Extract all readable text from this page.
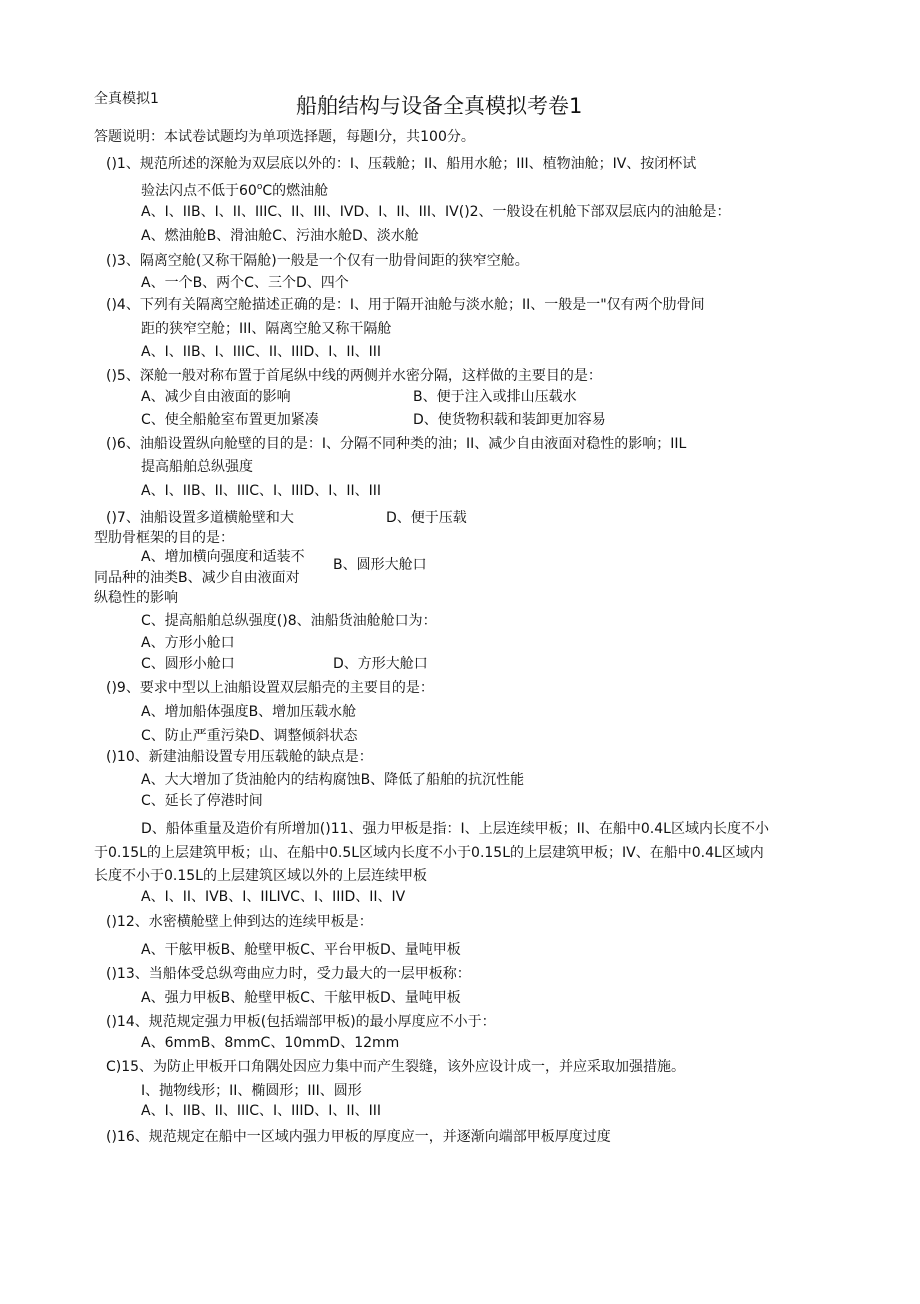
全真模拟1	船舶结构与设备全真模拟考卷1
答题说明：本试卷试题均为单项选择题，每题I分，共100分。
()1、规范所述的深舱为双层底以外的：I、压载舱；II、船用水舱；III、植物油舱；IV、按闭杯试
验法闪点不低于60$^o$C的燃油舱
A、I、IIB、I、II、IIIC、II、III、IVD、I、II、III、IV()2、一般设在机舱下部双层底内的油舱是：
A、燃油舱B、滑油舱C、污油水舱D、淡水舱
()3、隔离空舱(又称干隔舱)一般是一个仅有一肋骨间距的狭窄空舱。
A、一个B、两个C、三个D、四个
()4、下列有关隔离空舱描述正确的是：I、用于隔开油舱与淡水舱；II、一般是一"仅有两个肋骨间
距的狭窄空舱；III、隔离空舱又称干隔舱
A、I、IIB、I、IIIC、II、IIID、I、II、III
()5、深舱一般对称布置于首尾纵中线的两侧并水密分隔，这样做的主要目的是：
A、减少自由液面的影响	B、便于注入或排山压载水
C、使全船舱室布置更加紧凑	D、使货物积载和装卸更加容易
()6、油船设置纵向舱壁的目的是：I、分隔不同种类的油；II、减少自由液面对稳性的影响；IIL
提高船舶总纵强度
A、I、IIB、II、IIIC、I、IIID、I、II、III
()7、油船设置多道横舱壁和大	D、便于压载
型肋骨框架的目的是：
A、增加横向强度和适装不 B、圆形大舱口
同品种的油类B、减少自由液面对
纵稳性的影响
C、提高船舶总纵强度()8、油船货油舱舱口为：
A、方形小舱口
C、圆形小舱口	D、方形大舱口
()9、要求中型以上油船设置双层船壳的主要目的是：
A、增加船体强度B、增加压载水舱
C、防止严重污染D、调整倾斜状态
()10、新建油船设置专用压载舱的缺点是：
A、大大增加了货油舱内的结构腐蚀B、降低了船舶的抗沉性能
C、延长了停港时间
D、船体重量及造价有所增加()11、强力甲板是指：I、上层连续甲板；II、在船中0.4L区域内长度不小
于0.15L的上层建筑甲板；山、在船中0.5L区域内长度不小于0.15L的上层建筑甲板；IV、在船中0.4L区域内
长度不小于0.15L的上层建筑区域以外的上层连续甲板
A、I、II、IVB、I、IILIVC、I、IIID、II、IV
()12、水密横舱壁上伸到达的连续甲板是：
A、干舷甲板B、舱壁甲板C、平台甲板D、量吨甲板
()13、当船体受总纵弯曲应力时，受力最大的一层甲板称：
A、强力甲板B、舱壁甲板C、干舷甲板D、量吨甲板
()14、规范规定强力甲板(包括端部甲板)的最小厚度应不小于：
A、6mmB、8mmC、10mmD、12mm
C)15、为防止甲板开口角隅处因应力集中而产生裂缝，该外应设计成一，并应采取加强措施。
I、抛物线形；II、椭圆形；III、圆形
A、I、IIB、II、IIIC、I、IIID、I、II、III
()16、规范规定在船中一区域内强力甲板的厚度应一，并逐渐向端部甲板厚度过度
